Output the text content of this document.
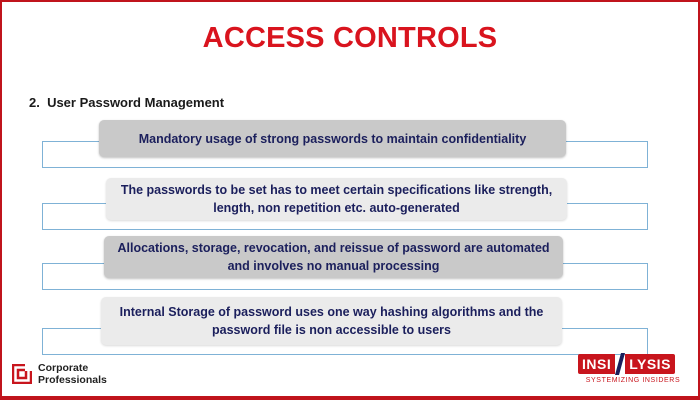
ACCESS CONTROLS
2.  User Password Management
Mandatory usage of strong passwords to maintain confidentiality
The passwords to be set has to meet certain specifications like strength, length, non repetition etc. auto-generated
Allocations, storage, revocation, and reissue of password are automated and involves no manual processing
Internal Storage of password uses one way hashing algorithms and the password file is non accessible to users
Corporate
Professionals
INSI LYSIS
SYSTEMIZING INSIDERS
